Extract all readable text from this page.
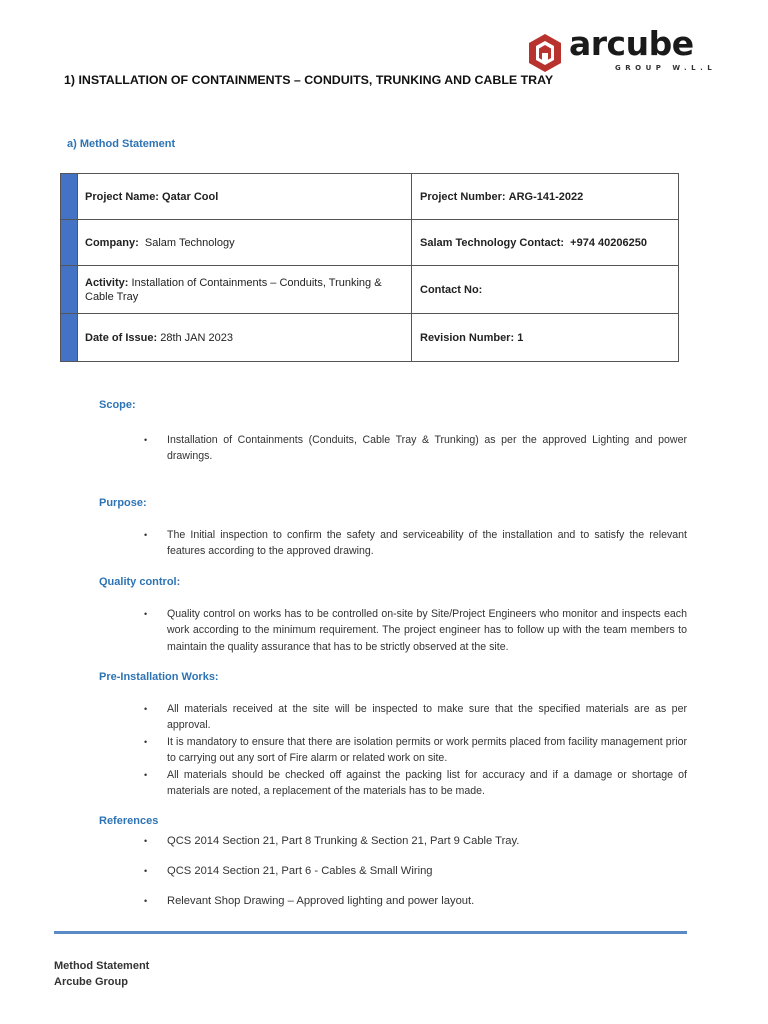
arcube
GROUP W.L.L
1) INSTALLATION OF CONTAINMENTS – CONDUITS, TRUNKING AND CABLE TRAY
a) Method Statement
	Project Name: Qatar Cool	Project Number: ARG-141-2022
	Company: Salam Technology	Salam Technology Contact: +974 40206250
	Activity: Installation of Containments – Conduits, Trunking & Cable Tray	Contact No:
	Date of Issue: 28th JAN 2023	Revision Number: 1
Scope:
• Installation of Containments (Conduits, Cable Tray & Trunking) as per the approved Lighting and power drawings.
Purpose:
• The Initial inspection to confirm the safety and serviceability of the installation and to satisfy the relevant features according to the approved drawing.
Quality control:
• Quality control on works has to be controlled on-site by Site/Project Engineers who monitor and inspects each work according to the minimum requirement. The project engineer has to follow up with the team members to maintain the quality assurance that has to be strictly observed at the site.
Pre-Installation Works:
• All materials received at the site will be inspected to make sure that the specified materials are as per approval.
• It is mandatory to ensure that there are isolation permits or work permits placed from facility management prior to carrying out any sort of Fire alarm or related work on site.
• All materials should be checked off against the packing list for accuracy and if a damage or shortage of materials are noted, a replacement of the materials has to be made.
References
• QCS 2014 Section 21, Part 8 Trunking & Section 21, Part 9 Cable Tray.
• QCS 2014 Section 21, Part 6 - Cables & Small Wiring
• Relevant Shop Drawing – Approved lighting and power layout.
Method Statement
Arcube Group
